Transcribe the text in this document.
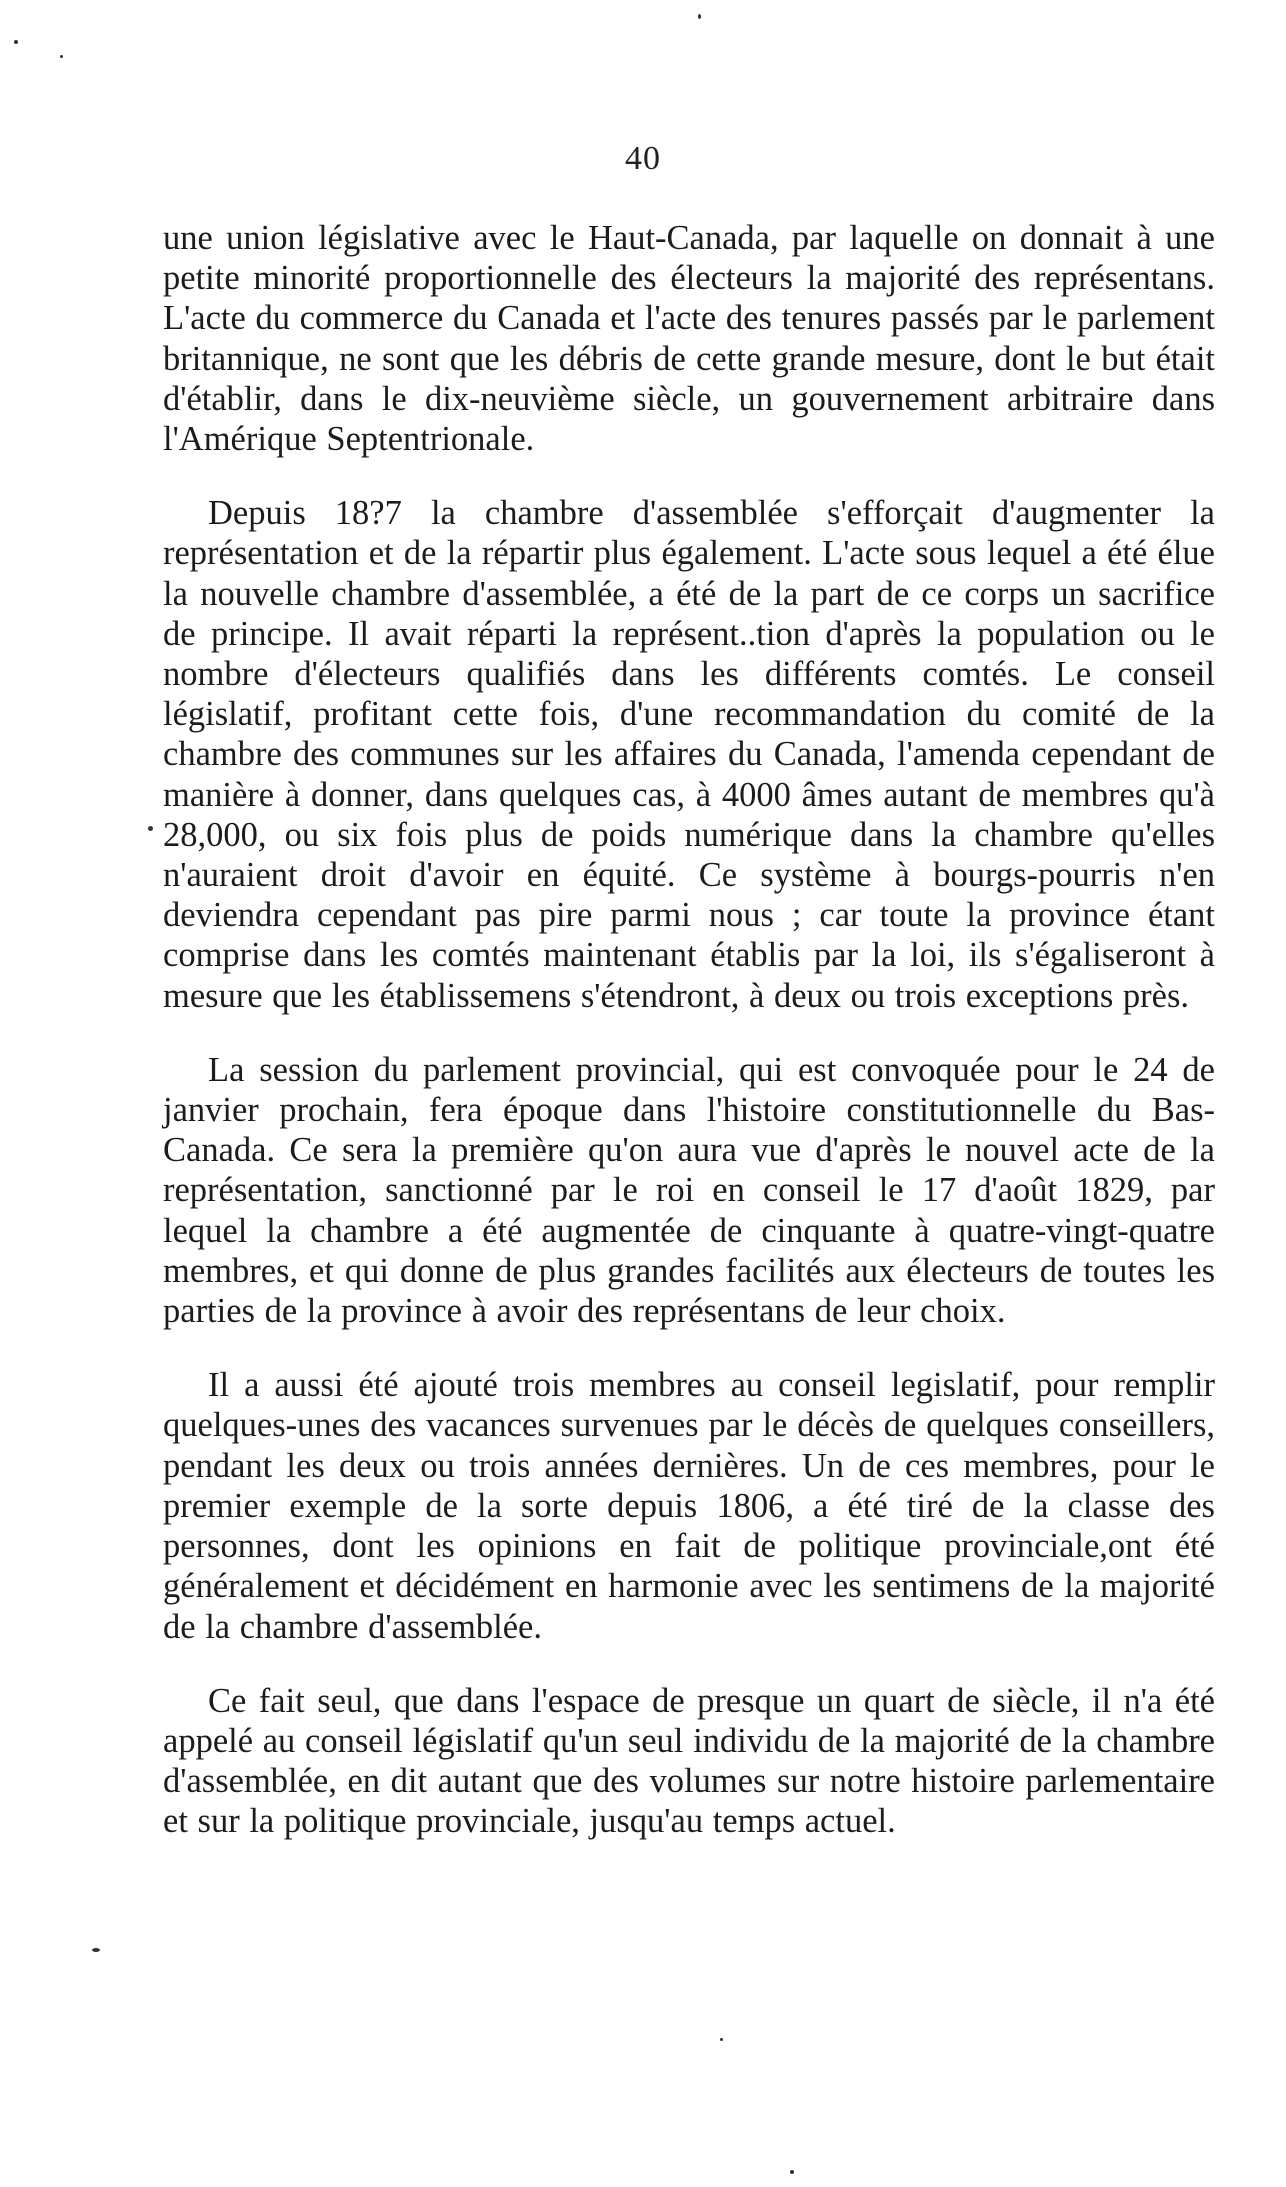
40

une union législative avec le Haut-Canada, par laquelle on donnait à une petite minorité proportionnelle des électeurs la majorité des représentans. L'acte du commerce du Canada et l'acte des tenures passés par le parlement britannique, ne sont que les débris de cette grande mesure, dont le but était d'établir, dans le dix-neuvième siècle, un gouvernement arbitraire dans l'Amérique Septentrionale.

Depuis 18?7 la chambre d'assemblée s'efforçait d'augmenter la représentation et de la répartir plus également. L'acte sous lequel a été élue la nouvelle chambre d'assemblée, a été de la part de ce corps un sacrifice de principe. Il avait réparti la représent..tion d'après la population ou le nombre d'électeurs qualifiés dans les différents comtés. Le conseil législatif, profitant cette fois, d'une recommandation du comité de la chambre des communes sur les affaires du Canada, l'amenda cependant de manière à donner, dans quelques cas, à 4000 âmes autant de membres qu'à 28,000, ou six fois plus de poids numérique dans la chambre qu'elles n'auraient droit d'avoir en équité. Ce système à bourgs-pourris n'en deviendra cependant pas pire parmi nous ; car toute la province étant comprise dans les comtés maintenant établis par la loi, ils s'égaliseront à mesure que les établissemens s'étendront, à deux ou trois exceptions près.

La session du parlement provincial, qui est convoquée pour le 24 de janvier prochain, fera époque dans l'histoire constitutionnelle du Bas-Canada. Ce sera la première qu'on aura vue d'après le nouvel acte de la représentation, sanctionné par le roi en conseil le 17 d'août 1829, par lequel la chambre a été augmentée de cinquante à quatre-vingt-quatre membres, et qui donne de plus grandes facilités aux électeurs de toutes les parties de la province à avoir des représentans de leur choix.

Il a aussi été ajouté trois membres au conseil legislatif, pour remplir quelques-unes des vacances survenues par le décès de quelques conseillers, pendant les deux ou trois années dernières. Un de ces membres, pour le premier exemple de la sorte depuis 1806, a été tiré de la classe des personnes, dont les opinions en fait de politique provinciale,ont été généralement et décidément en harmonie avec les sentimens de la majorité de la chambre d'assemblée.

Ce fait seul, que dans l'espace de presque un quart de siècle, il n'a été appelé au conseil législatif qu'un seul individu de la majorité de la chambre d'assemblée, en dit autant que des volumes sur notre histoire parlementaire et sur la politique provinciale, jusqu'au temps actuel.
